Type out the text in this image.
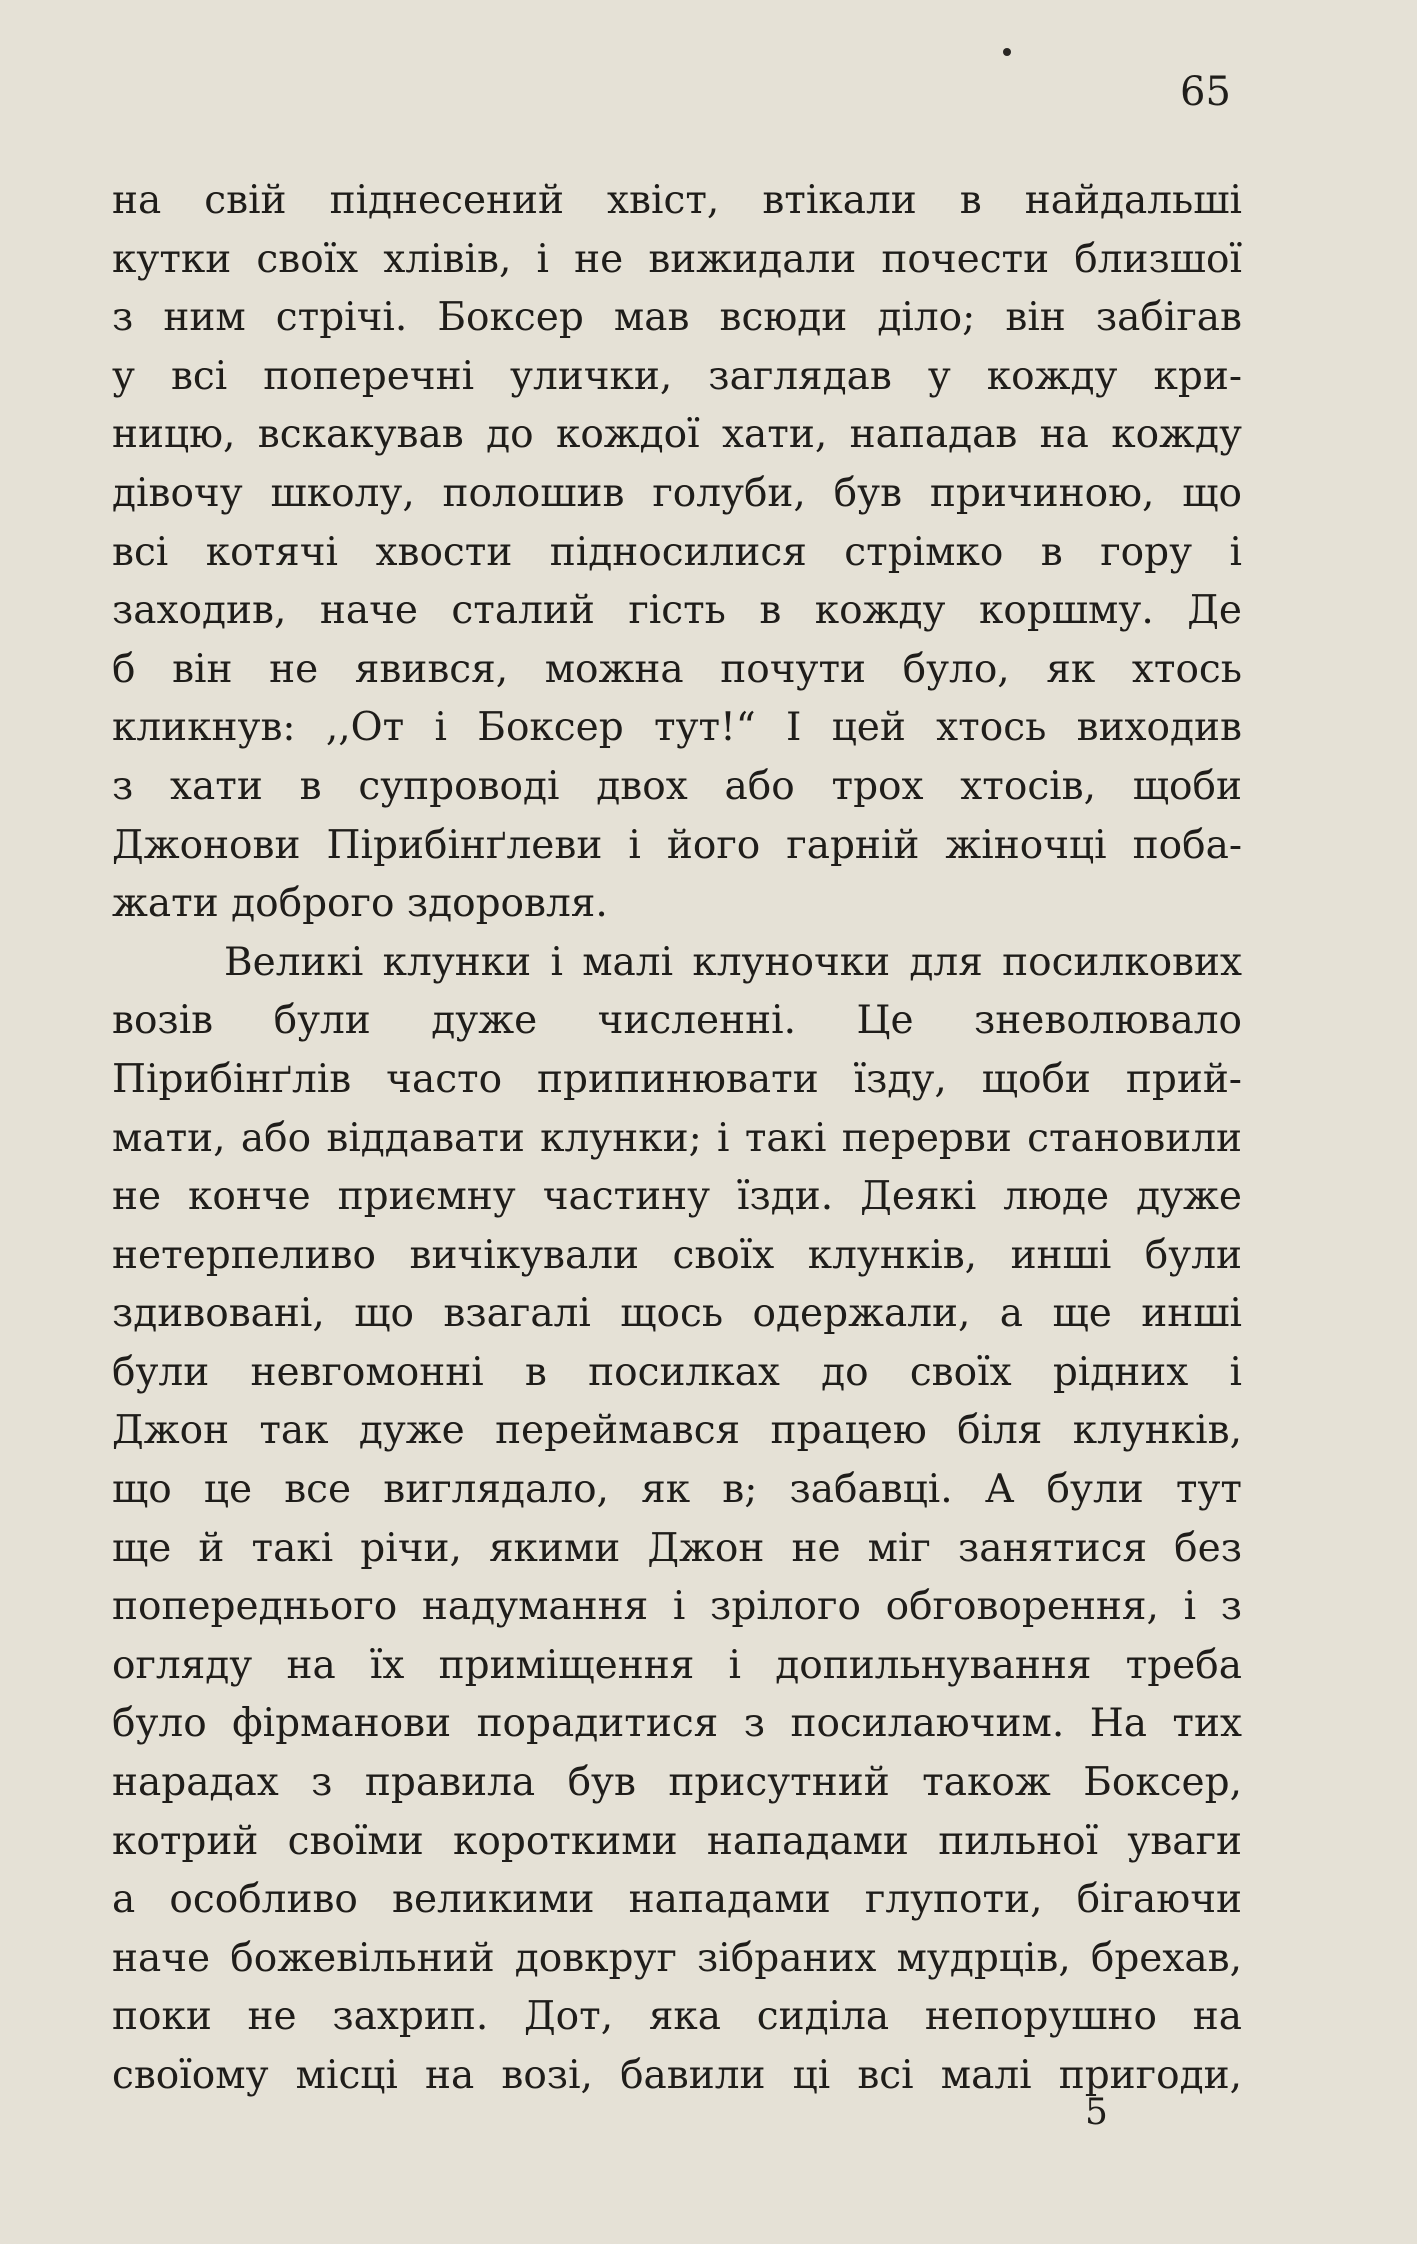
65
на свій піднесений хвіст, втікали в найдальші
кутки своїх хлівів, і не вижидали почести близшої
з ним стрічі. Боксер мав всюди діло; він забігав
у всі поперечні улички, заглядав у кожду кри-
ницю, вскакував до кождої хати, нападав на кожду
дівочу школу, полошив голуби, був причиною, що
всі котячі хвости підносилися стрімко в гору і
заходив, наче сталий гість в кожду коршму. Де
б він не явився, можна почути було, як хтось
кликнув: ,,От і Боксер тут!“ І цей хтось виходив
з хати в супроводі двох або трох хтосів, щоби
Джонови Пірибінґлеви і його гарній жіночці поба-
жати доброго здоровля.
Великі клунки і малі клуночки для посилкових
возів були дуже численні. Це зневолювало
Пірибінґлів часто припинювати їзду, щоби прий-
мати, або віддавати клунки; і такі перерви становили
не конче приємну частину їзди. Деякі люде дуже
нетерпеливо вичікували своїх клунків, инші були
здивовані, що взагалі щось одержали, а ще инші
були невгомонні в посилках до своїх рідних і
Джон так дуже переймався працею біля клунків,
що це все виглядало, як в; забавці. А були тут
ще й такі річи, якими Джон не міг занятися без
попереднього надумання і зрілого обговорення, і з
огляду на їх приміщення і допильнування треба
було фірманови порадитися з посилаючим. На тих
нарадах з правила був присутний також Боксер,
котрий своїми короткими нападами пильної уваги
а особливо великими нападами глупоти, бігаючи
наче божевільний довкруг зібраних мудрців, брехав,
поки не захрип. Дот, яка сиділа непорушно на
своїому місці на возі, бавили ці всі малі пригоди,
5
